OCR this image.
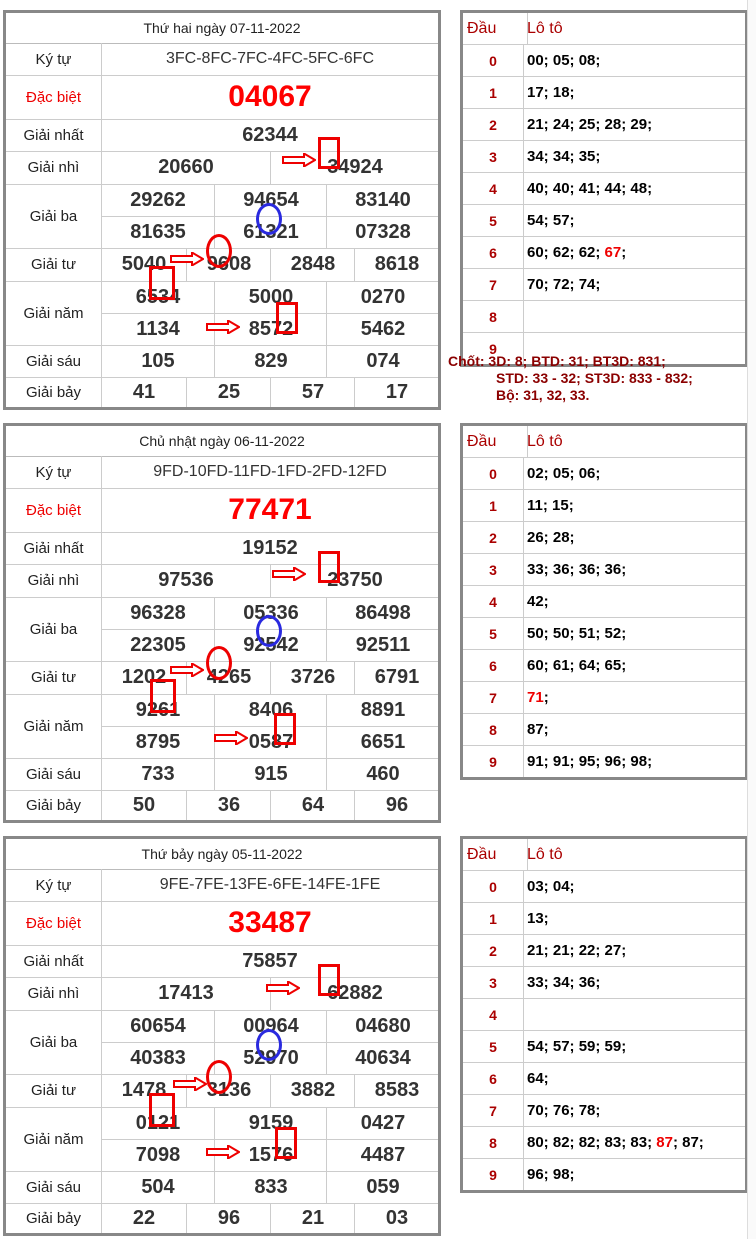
Thứ hai ngày 07-11-2022
Ký tự	3FC-8FC-7FC-4FC-5FC-6FC
Đặc biệt	04067
Giải nhất	62344
Giải nhì	20660	34924
Giải ba
29262	94654	83140
81635	61321	07328
Giải tư	5040	9608	2848	8618
Giải năm
6534	5000	0270
1134	8572	5462
Giải sáu	105	829	074
Giải bảy	41	25	57	17
Đầu	Lô tô
0	00; 05; 08;
1	17; 18;
2	21; 24; 25; 28; 29;
3	34; 34; 35;
4	40; 40; 41; 44; 48;
5	54; 57;
6	60; 62; 62; 67 ;
7	70; 72; 74;
8
9
Chủ nhật ngày 06-11-2022
Ký tự	9FD-10FD-11FD-1FD-2FD-12FD
Đặc biệt	77471
Giải nhất	19152
Giải nhì	97536	23750
Giải ba
96328	05336	86498
22305	92542	92511
Giải tư	1202	4265	3726	6791
Giải năm
9261	8406	8891
8795	0587	6651
Giải sáu	733	915	460
Giải bảy	50	36	64	96
Đầu	Lô tô
0	02; 05; 06;
1	11; 15;
2	26; 28;
3	33; 36; 36; 36;
4	42;
5	50; 50; 51; 52;
6	60; 61; 64; 65;
7	71 ;
8	87;
9	91; 91; 95; 96; 98;
Thứ bảy ngày 05-11-2022
Ký tự	9FE-7FE-13FE-6FE-14FE-1FE
Đặc biệt	33487
Giải nhất	75857
Giải nhì	17413	62882
Giải ba
60654	00964	04680
40383	52970	40634
Giải tư	1478	3136	3882	8583
Giải năm
0121	9159	0427
7098	1576	4487
Giải sáu	504	833	059
Giải bảy	22	96	21	03
Đầu	Lô tô
0	03; 04;
1	13;
2	21; 21; 22; 27;
3	33; 34; 36;
4
5	54; 57; 59; 59;
6	64;
7	70; 76; 78;
8	80; 82; 82; 83; 83; 87 ; 87;
9	96; 98;
Chốt: 3D: 8; BTD: 31; BT3D: 831;
STD: 33 - 32; ST3D: 833 - 832;
Bộ: 31, 32, 33.
